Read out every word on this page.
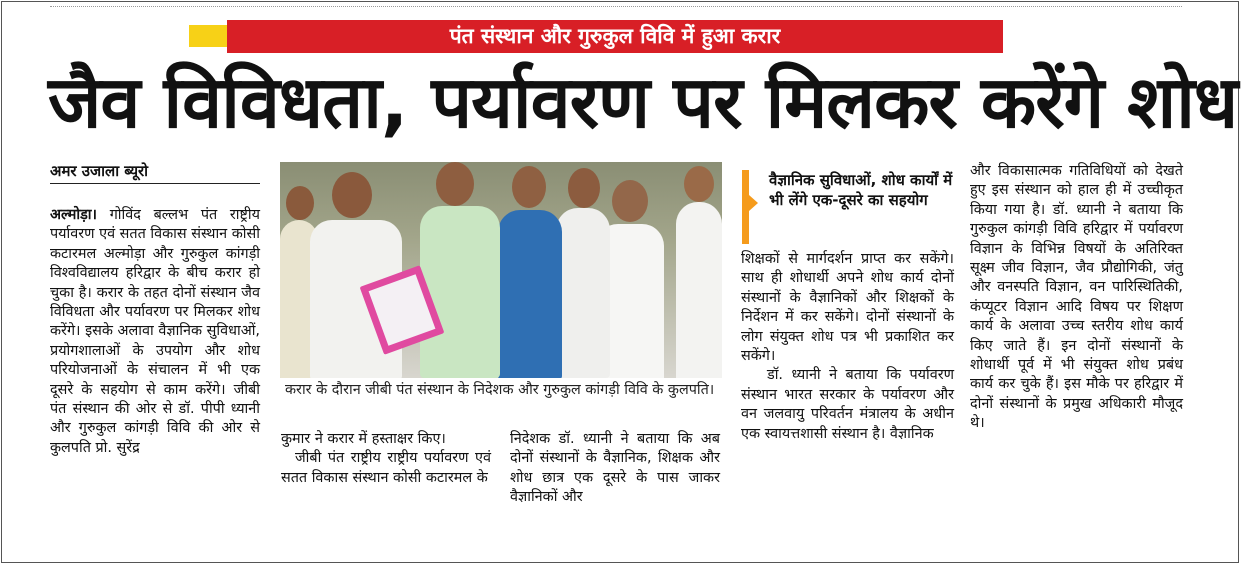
पंत संस्थान और गुरुकुल विवि में हुआ करार
जैव विविधता, पर्यावरण पर मिलकर करेंगे शोध
अमर उजाला ब्यूरो

अल्मोड़ा। गोविंद बल्लभ पंत राष्ट्रीय पर्यावरण एवं सतत विकास संस्थान कोसी कटारमल अल्मोड़ा और गुरुकुल कांगड़ी विश्वविद्यालय हरिद्वार के बीच करार हो चुका है। करार के तहत दोनों संस्थान जैव विविधता और पर्यावरण पर मिलकर शोध करेंगे। इसके अलावा वैज्ञानिक सुविधाओं, प्रयोगशालाओं के उपयोग और शोध परियोजनाओं के संचालन में भी एक दूसरे के सहयोग से काम करेंगे। जीबी पंत संस्थान की ओर से डॉ. पीपी ध्यानी और गुरुकुल कांगड़ी विवि की ओर से कुलपति प्रो. सुरेंद्र

करार के दौरान जीबी पंत संस्थान के निदेशक और गुरुकुल कांगड़ी विवि के कुलपति।

कुमार ने करार में हस्ताक्षर किए।

जीबी पंत राष्ट्रीय राष्ट्रीय पर्यावरण एवं सतत विकास संस्थान कोसी कटारमल के

निदेशक डॉ. ध्यानी ने बताया कि अब दोनों संस्थानों के वैज्ञानिक, शिक्षक और शोध छात्र एक दूसरे के पास जाकर वैज्ञानिकों और

वैज्ञानिक सुविधाओं, शोध कार्यों में भी लेंगे एक-दूसरे का सहयोग

शिक्षकों से मार्गदर्शन प्राप्त कर सकेंगे। साथ ही शोधार्थी अपने शोध कार्य दोनों संस्थानों के वैज्ञानिकों और शिक्षकों के निर्देशन में कर सकेंगे। दोनों संस्थानों के लोग संयुक्त शोध पत्र भी प्रकाशित कर सकेंगे।

डॉ. ध्यानी ने बताया कि पर्यावरण संस्थान भारत सरकार के पर्यावरण और वन जलवायु परिवर्तन मंत्रालय के अधीन एक स्वायत्तशासी संस्थान है। वैज्ञानिक

और विकासात्मक गतिविधियों को देखते हुए इस संस्थान को हाल ही में उच्चीकृत किया गया है। डॉ. ध्यानी ने बताया कि गुरुकुल कांगड़ी विवि हरिद्वार में पर्यावरण विज्ञान के विभिन्न विषयों के अतिरिक्त सूक्ष्म जीव विज्ञान, जैव प्रौद्योगिकी, जंतु और वनस्पति विज्ञान, वन पारिस्थितिकी, कंप्यूटर विज्ञान आदि विषय पर शिक्षण कार्य के अलावा उच्च स्तरीय शोध कार्य किए जाते हैं। इन दोनों संस्थानों के शोधार्थी पूर्व में भी संयुक्त शोध प्रबंध कार्य कर चुके हैं। इस मौके पर हरिद्वार में दोनों संस्थानों के प्रमुख अधिकारी मौजूद थे।
